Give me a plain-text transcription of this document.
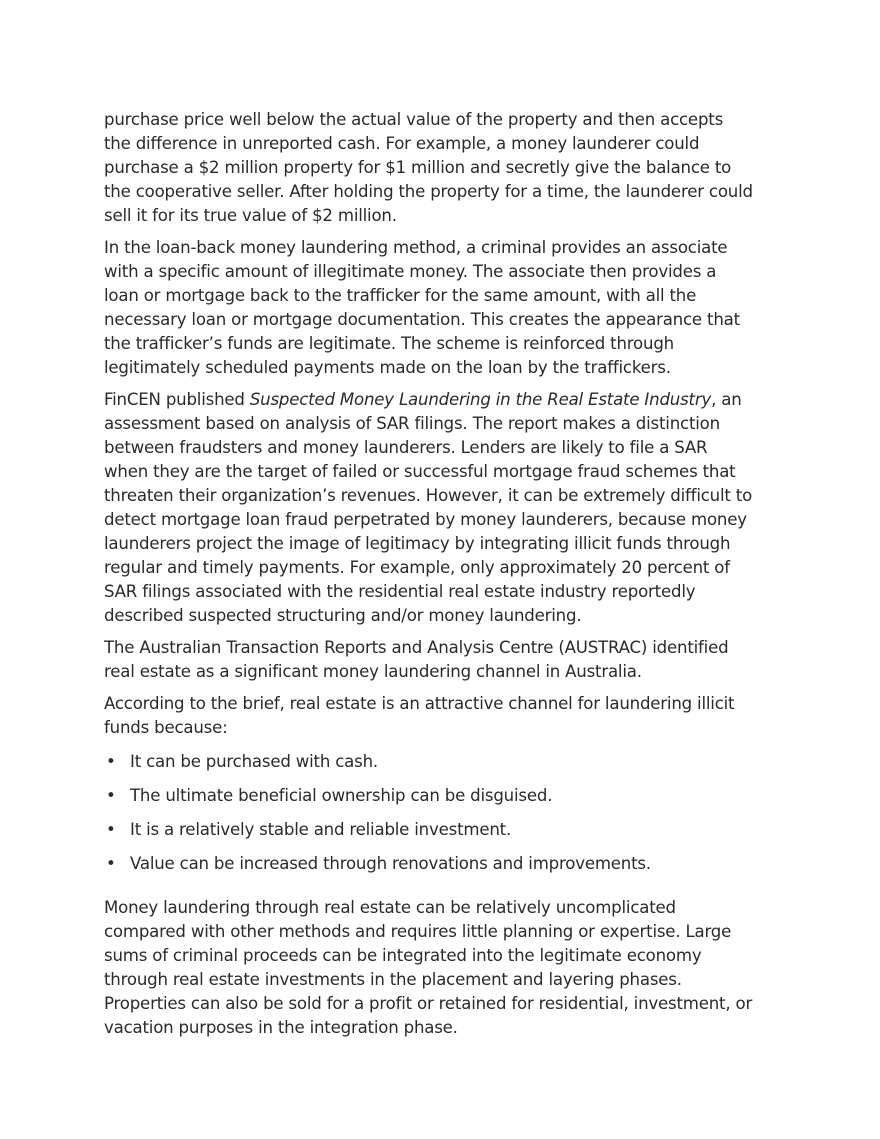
purchase price well below the actual value of the property and then accepts the difference in unreported cash. For example, a money launderer could purchase a $2 million property for $1 million and secretly give the balance to the cooperative seller. After holding the property for a time, the launderer could sell it for its true value of $2 million.

In the loan-back money laundering method, a criminal provides an associate with a specific amount of illegitimate money. The associate then provides a loan or mortgage back to the trafficker for the same amount, with all the necessary loan or mortgage documentation. This creates the appearance that the trafficker’s funds are legitimate. The scheme is reinforced through legitimately scheduled payments made on the loan by the traffickers.

FinCEN published Suspected Money Laundering in the Real Estate Industry, an assessment based on analysis of SAR filings. The report makes a distinction between fraudsters and money launderers. Lenders are likely to file a SAR when they are the target of failed or successful mortgage fraud schemes that threaten their organization’s revenues. However, it can be extremely difficult to detect mortgage loan fraud perpetrated by money launderers, because money launderers project the image of legitimacy by integrating illicit funds through regular and timely payments. For example, only approximately 20 percent of SAR filings associated with the residential real estate industry reportedly described suspected structuring and/or money laundering.

The Australian Transaction Reports and Analysis Centre (AUSTRAC) identified real estate as a significant money laundering channel in Australia.

According to the brief, real estate is an attractive channel for laundering illicit funds because:

• It can be purchased with cash.
• The ultimate beneficial ownership can be disguised.
• It is a relatively stable and reliable investment.
• Value can be increased through renovations and improvements.

Money laundering through real estate can be relatively uncomplicated compared with other methods and requires little planning or expertise. Large sums of criminal proceeds can be integrated into the legitimate economy through real estate investments in the placement and layering phases. Properties can also be sold for a profit or retained for residential, investment, or vacation purposes in the integration phase.
